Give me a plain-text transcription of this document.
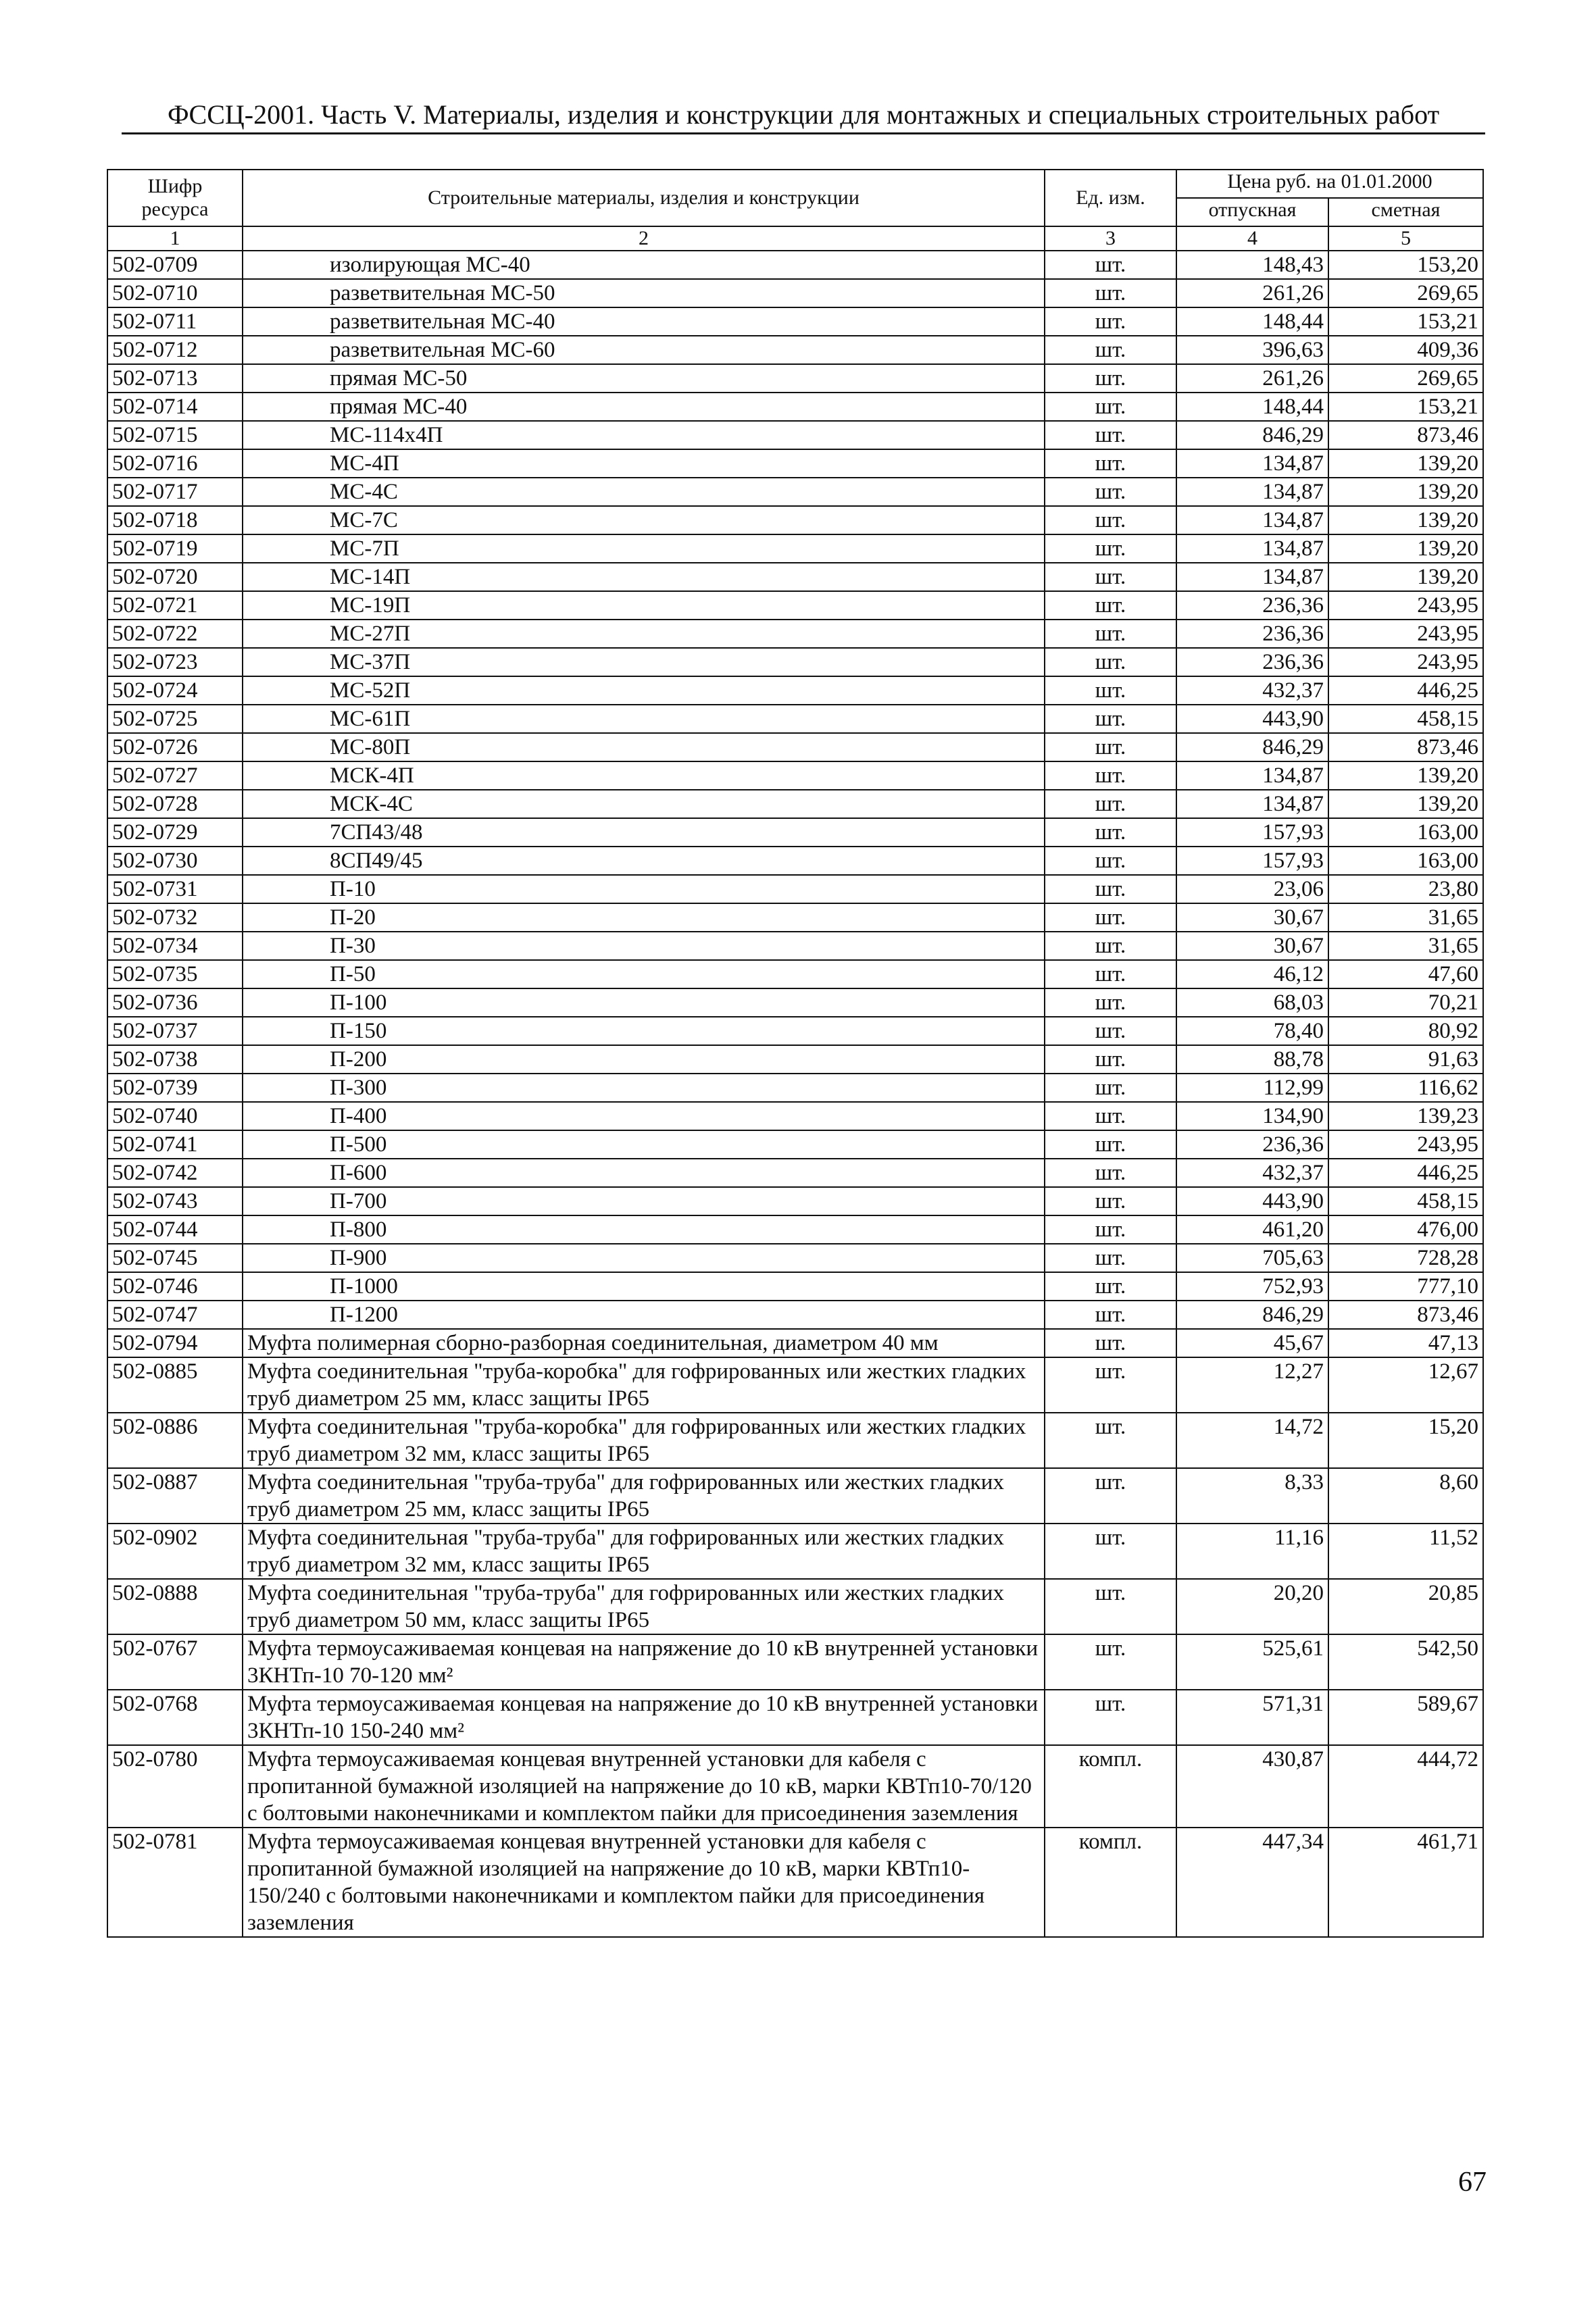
ФССЦ-2001. Часть V. Материалы, изделия и конструкции для монтажных и специальных строительных работ
Шифр ресурса	Строительные материалы, изделия и конструкции	Ед. изм.	Цена руб. на 01.01.2000	
			отпускная	сметная
1	2	3	4	5
502-0709	изолирующая МС-40	шт.	148,43	153,20
502-0710	разветвительная МС-50	шт.	261,26	269,65
502-0711	разветвительная МС-40	шт.	148,44	153,21
502-0712	разветвительная МС-60	шт.	396,63	409,36
502-0713	прямая МС-50	шт.	261,26	269,65
502-0714	прямая МС-40	шт.	148,44	153,21
502-0715	МС-114х4П	шт.	846,29	873,46
502-0716	МС-4П	шт.	134,87	139,20
502-0717	МС-4С	шт.	134,87	139,20
502-0718	МС-7С	шт.	134,87	139,20
502-0719	МС-7П	шт.	134,87	139,20
502-0720	МС-14П	шт.	134,87	139,20
502-0721	МС-19П	шт.	236,36	243,95
502-0722	МС-27П	шт.	236,36	243,95
502-0723	МС-37П	шт.	236,36	243,95
502-0724	МС-52П	шт.	432,37	446,25
502-0725	МС-61П	шт.	443,90	458,15
502-0726	МС-80П	шт.	846,29	873,46
502-0727	МСК-4П	шт.	134,87	139,20
502-0728	МСК-4С	шт.	134,87	139,20
502-0729	7СП43/48	шт.	157,93	163,00
502-0730	8СП49/45	шт.	157,93	163,00
502-0731	П-10	шт.	23,06	23,80
502-0732	П-20	шт.	30,67	31,65
502-0734	П-30	шт.	30,67	31,65
502-0735	П-50	шт.	46,12	47,60
502-0736	П-100	шт.	68,03	70,21
502-0737	П-150	шт.	78,40	80,92
502-0738	П-200	шт.	88,78	91,63
502-0739	П-300	шт.	112,99	116,62
502-0740	П-400	шт.	134,90	139,23
502-0741	П-500	шт.	236,36	243,95
502-0742	П-600	шт.	432,37	446,25
502-0743	П-700	шт.	443,90	458,15
502-0744	П-800	шт.	461,20	476,00
502-0745	П-900	шт.	705,63	728,28
502-0746	П-1000	шт.	752,93	777,10
502-0747	П-1200	шт.	846,29	873,46
502-0794	Муфта полимерная сборно-разборная соединительная, диаметром 40 мм	шт.	45,67	47,13
502-0885	Муфта соединительная "труба-коробка" для гофрированных или жестких гладких труб диаметром 25 мм, класс защиты IP65	шт.	12,27	12,67
502-0886	Муфта соединительная "труба-коробка" для гофрированных или жестких гладких труб диаметром 32 мм, класс защиты IP65	шт.	14,72	15,20
502-0887	Муфта соединительная "труба-труба" для гофрированных или жестких гладких труб диаметром 25 мм, класс защиты IP65	шт.	8,33	8,60
502-0902	Муфта соединительная "труба-труба" для гофрированных или жестких гладких труб диаметром 32 мм, класс защиты IP65	шт.	11,16	11,52
502-0888	Муфта соединительная "труба-труба" для гофрированных или жестких гладких труб диаметром 50 мм, класс защиты IP65	шт.	20,20	20,85
502-0767	Муфта термоусаживаемая концевая на напряжение до 10 кВ внутренней установки 3КНТп-10 70-120 мм²	шт.	525,61	542,50
502-0768	Муфта термоусаживаемая концевая на напряжение до 10 кВ внутренней установки 3КНТп-10 150-240 мм²	шт.	571,31	589,67
502-0780	Муфта термоусаживаемая концевая внутренней установки для кабеля с пропитанной бумажной изоляцией на напряжение до 10 кВ, марки КВТп10-70/120 с болтовыми наконечниками и комплектом пайки для присоединения заземления	компл.	430,87	444,72
502-0781	Муфта термоусаживаемая концевая внутренней установки для кабеля с пропитанной бумажной изоляцией на напряжение до 10 кВ, марки КВТп10-150/240 с болтовыми наконечниками и комплектом пайки для присоединения заземления	компл.	447,34	461,71
67
